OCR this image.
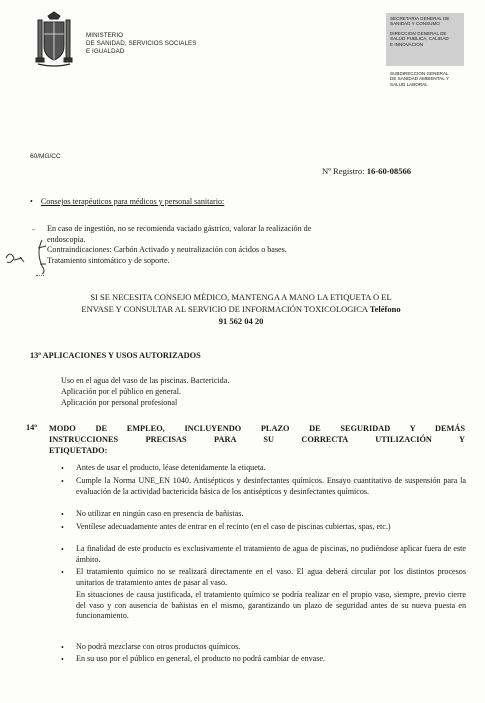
MINISTERIO
DE SANIDAD, SERVICIOS SOCIALES
E IGUALDAD
SECRETARIA GENERAL DE
SANIDAD Y CONSUMO
DIRECCION GENERAL DE
SALUD PUBLICA, CALIDAD
E INNOVACION
SUBDIRECCION GENERAL
DE SANIDAD AMBIENTAL Y
SALUD LABORAL
60/MG/CC
Nº Registro: 16-60-08566
• Consejos terapéuticos para médicos y personal sanitario:
- En caso de ingestión, no se recomienda vaciado gástrico, valorar la realización de
endoscopia.
Contraindicaciones: Carbón Activado y neutralización con ácidos o bases.
Tratamiento sintomático y de soporte.
SI SE NECESITA CONSEJO MÉDICO, MANTENGA A MANO LA ETIQUETA O EL
ENVASE Y CONSULTAR AL SERVICIO DE INFORMACIÓN TOXICOLOGICA Teléfono
91 562 04 20
13º APLICACIONES Y USOS AUTORIZADOS
Uso en el agua del vaso de las piscinas. Bactericida.
Aplicación por el público en general.
Aplicación por personal profesional
14º MODO DE EMPLEO, INCLUYENDO PLAZO DE SEGURIDAD Y DEMÁS
INSTRUCCIONES PRECISAS PARA SU CORRECTA UTILIZACIÓN Y
ETIQUETADO:
•
•
•
•
•
•
•
•
Antes de usar el producto, léase detenidamente la etiqueta.
Cumple la Norma UNE_EN 1040. Antisépticos y desinfectantes químicos. Ensayo cuantitativo de suspensión para la evaluación de la actividad bactericida básica de los antisépticos y desinfectantes químicos.
No utilizar en ningún caso en presencia de bañistas.
Ventílese adecuadamente antes de entrar en el recinto (en el caso de piscinas cubiertas, spas, etc.)
La finalidad de este producto es exclusivamente el tratamiento de agua de piscinas, no pudiéndose aplicar fuera de este ámbito.
El tratamiento químico no se realizará directamente en el vaso. El agua deberá circular por los distintos procesos unitarios de tratamiento antes de pasar al vaso.
En situaciones de causa justificada, el tratamiento químico se podría realizar en el propio vaso, siempre, previo cierre del vaso y con ausencia de bañistas en el mismo, garantizando un plazo de seguridad antes de su nueva puesta en funcionamiento.
No podrá mezclarse con otros productos químicos.
En su uso por el público en general, el producto no podrá cambiar de envase.
